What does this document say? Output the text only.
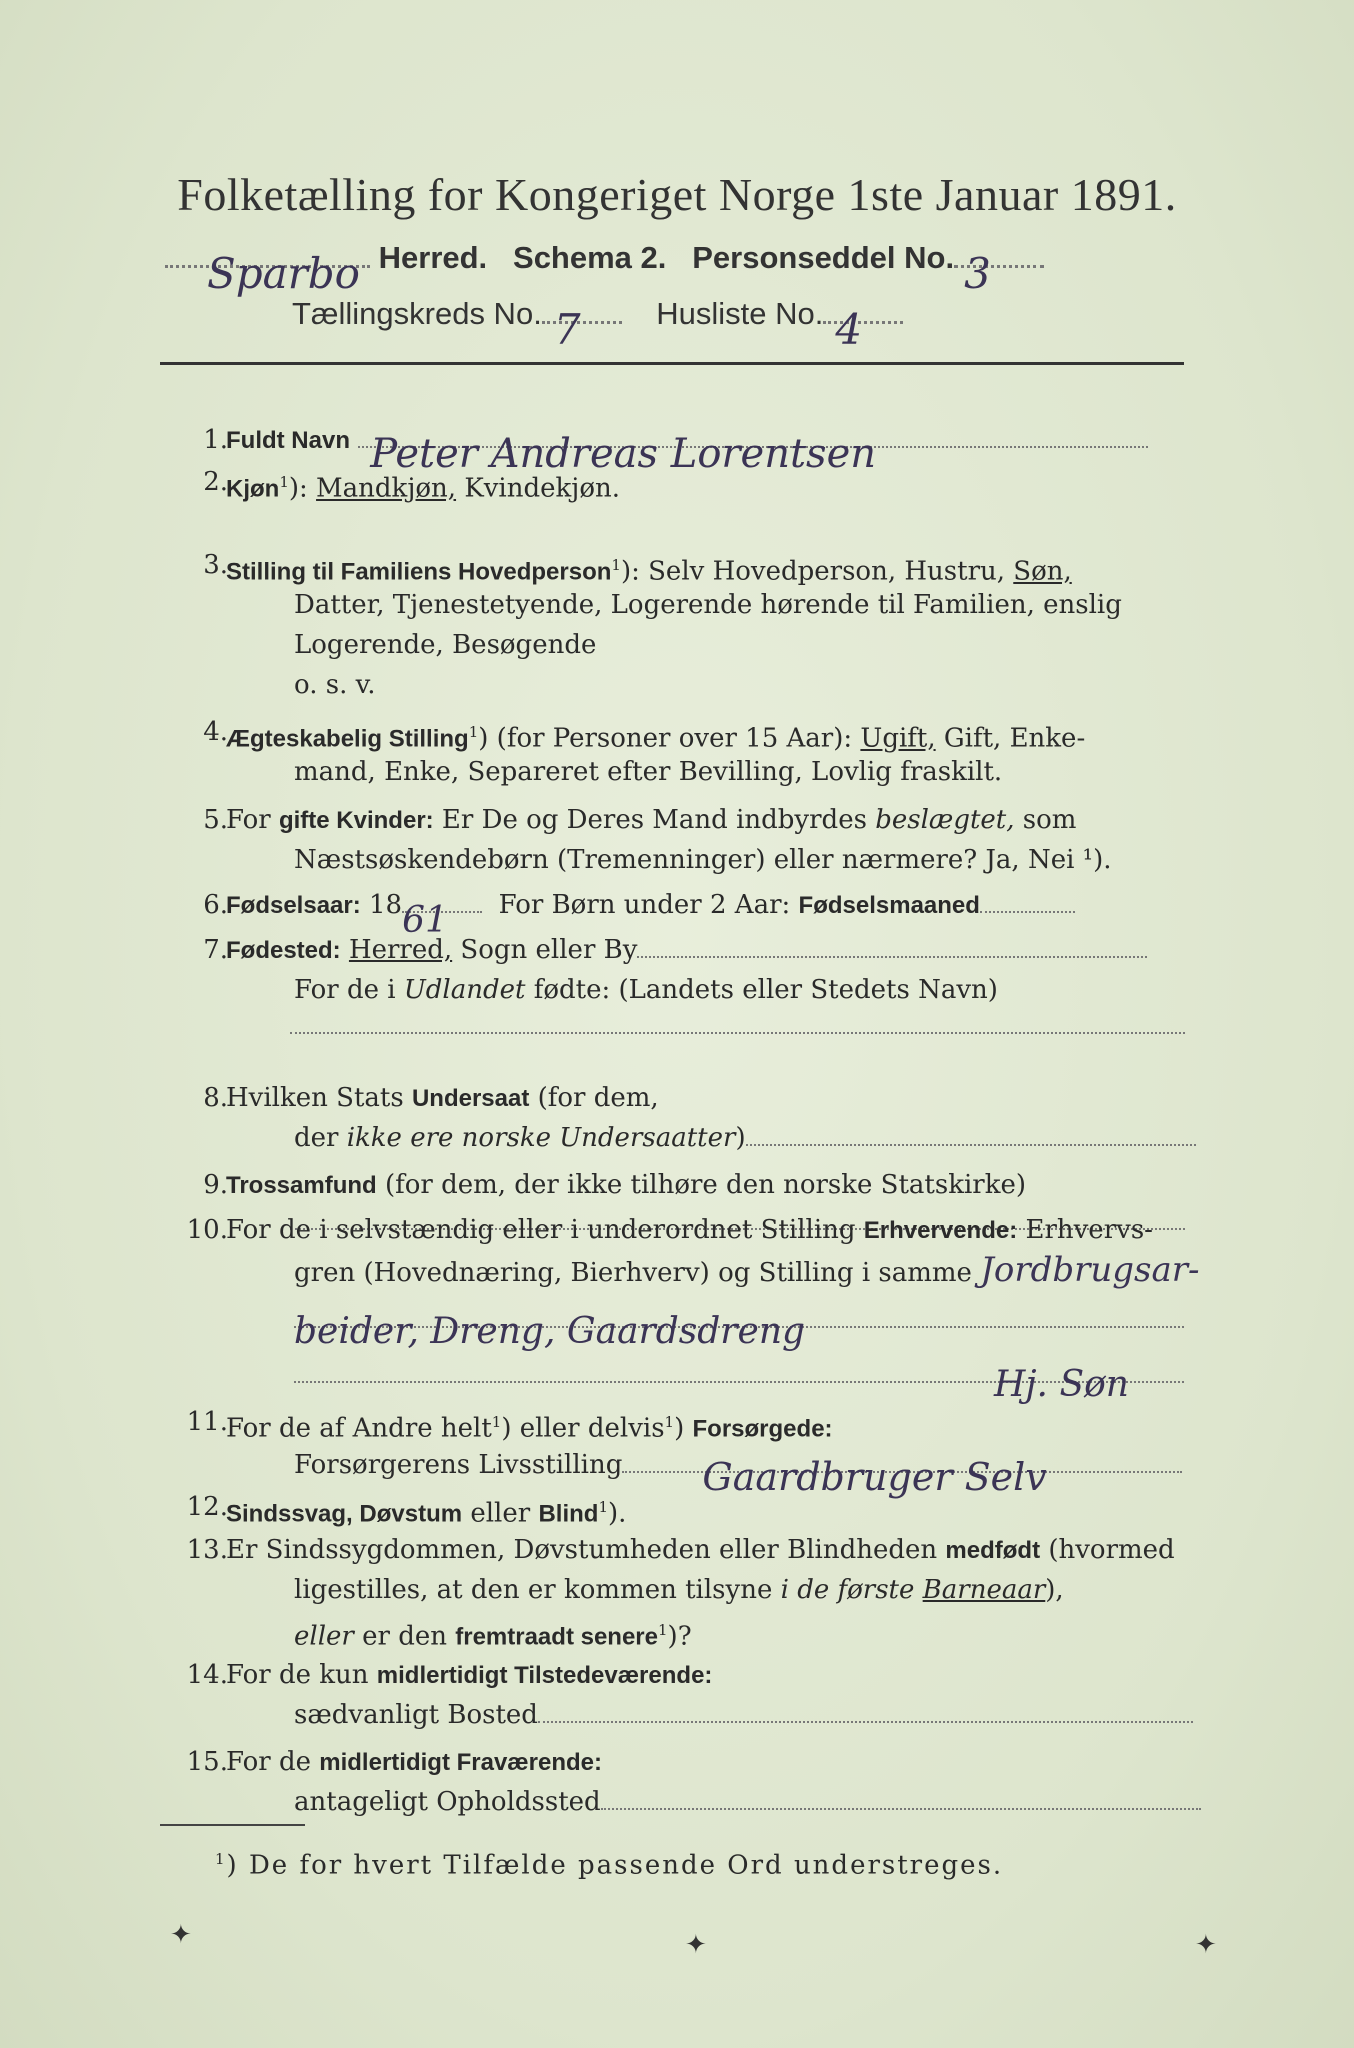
Folketælling for Kongeriget Norge 1ste Januar 1891.
Sparbo Herred. Schema 2. Personseddel No. 3
Tællingskreds No. 7 Husliste No. 4
1.
Fuldt Navn Peter Andreas Lorentsen
2.
Kjøn$^1$): Mandkjøn, Kvindekjøn.
3.
Stilling til Familiens Hovedperson$^1$): Selv Hovedperson, Hustru, Søn,
Datter, Tjenestetyende, Logerende hørende til Familien, enslig
Logerende, Besøgende
o. s. v.
4.
Ægteskabelig Stilling$^1$) (for Personer over 15 Aar): Ugift, Gift, Enke-
mand, Enke, Separeret efter Bevilling, Lovlig fraskilt.
5.
For gifte Kvinder: Er De og Deres Mand indbyrdes beslægtet, som
Næstsøskendebørn (Tremenninger) eller nærmere? Ja, Nei ¹).
6.
Fødselsaar: 18 61 For Børn under 2 Aar: Fødselsmaaned
7.
Fødested: Herred, Sogn eller By
For de i Udlandet fødte: (Landets eller Stedets Navn)
8.
Hvilken Stats Undersaat (for dem,
der ikke ere norske Undersaatter)
9.
Trossamfund (for dem, der ikke tilhøre den norske Statskirke)
10.
For de i selvstændig eller i underordnet Stilling Erhvervende: Erhvervs-
gren (Hovednæring, Bierhverv) og Stilling i samme Jordbrugsar-
beider, Dreng, Gaardsdreng
Hj. Søn
11.
For de af Andre helt$^1$) eller delvis$^1$) Forsørgede:
Forsørgerens Livsstilling Gaardbruger Selv
12.
Sindssvag, Døvstum eller Blind$^1$).
13.
Er Sindssygdommen, Døvstumheden eller Blindheden medfødt (hvormed
ligestilles, at den er kommen tilsyne i de første Barneaar),
eller er den fremtraadt senere$^1$)?
14.
For de kun midlertidigt Tilstedeværende:
sædvanligt Bosted
15.
For de midlertidigt Fraværende:
antageligt Opholdssted
$^1$) De for hvert Tilfælde passende Ord understreges.
✦	✦	✦
